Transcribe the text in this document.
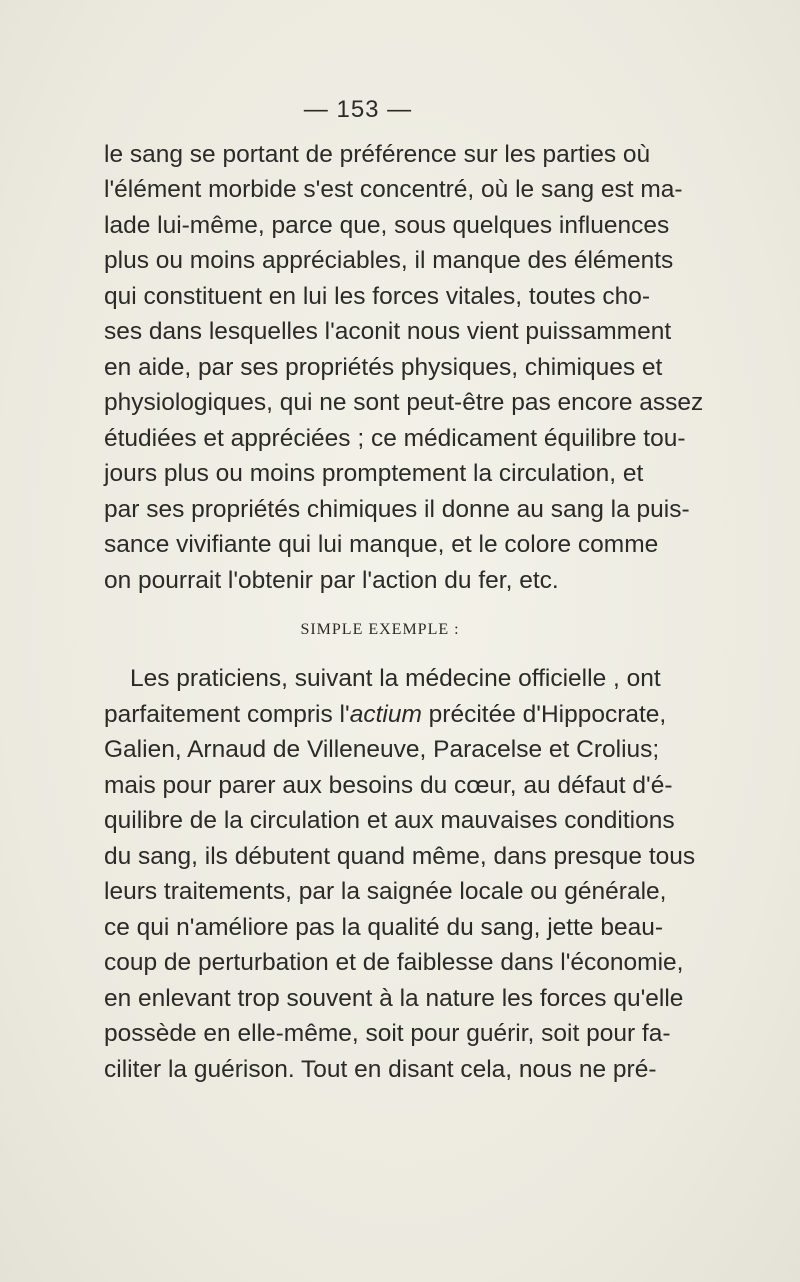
— 153 —
le sang se portant de préférence sur les parties où
l'élément morbide s'est concentré, où le sang est ma-
lade lui-même, parce que, sous quelques influences
plus ou moins appréciables, il manque des éléments
qui constituent en lui les forces vitales, toutes cho-
ses dans lesquelles l'aconit nous vient puissamment
en aide, par ses propriétés physiques, chimiques et
physiologiques, qui ne sont peut-être pas encore assez
étudiées et appréciées ; ce médicament équilibre tou-
jours plus ou moins promptement la circulation, et
par ses propriétés chimiques il donne au sang la puis-
sance vivifiante qui lui manque, et le colore comme
on pourrait l'obtenir par l'action du fer, etc.
SIMPLE EXEMPLE :
Les praticiens, suivant la médecine officielle , ont
parfaitement compris l'actium précitée d'Hippocrate,
Galien, Arnaud de Villeneuve, Paracelse et Crolius;
mais pour parer aux besoins du cœur, au défaut d'é-
quilibre de la circulation et aux mauvaises conditions
du sang, ils débutent quand même, dans presque tous
leurs traitements, par la saignée locale ou générale,
ce qui n'améliore pas la qualité du sang, jette beau-
coup de perturbation et de faiblesse dans l'économie,
en enlevant trop souvent à la nature les forces qu'elle
possède en elle-même, soit pour guérir, soit pour fa-
ciliter la guérison. Tout en disant cela, nous ne pré-
